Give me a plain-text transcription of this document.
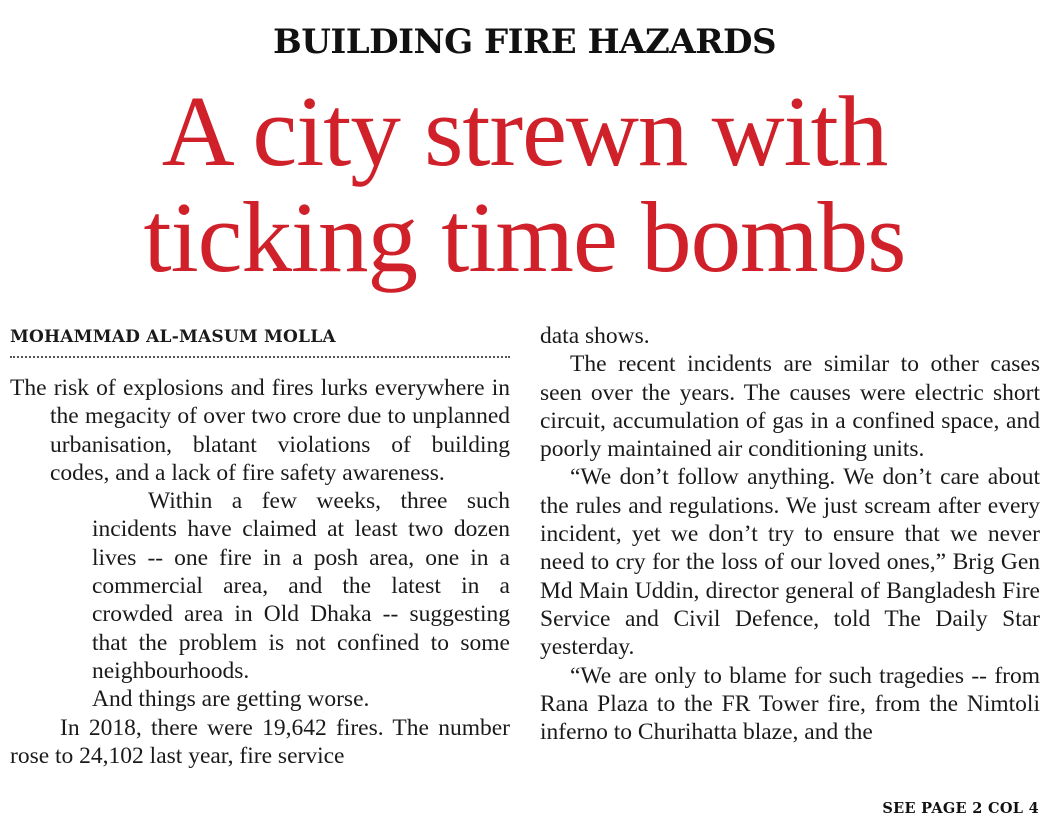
BUILDING FIRE HAZARDS
A city strewn with
ticking time bombs
MOHAMMAD AL-MASUM MOLLA

The risk of explosions and fires lurks everywhere in the megacity of over two crore due to unplanned urbanisation, blatant violations of building codes, and a lack of fire safety awareness.

Within a few weeks, three such incidents have claimed at least two dozen lives -- one fire in a posh area, one in a commercial area, and the latest in a crowded area in Old Dhaka -- suggesting that the problem is not confined to some neighbourhoods.

And things are getting worse.

In 2018, there were 19,642 fires. The number rose to 24,102 last year, fire service

data shows.

The recent incidents are similar to other cases seen over the years. The causes were electric short circuit, accumulation of gas in a confined space, and poorly maintained air conditioning units.

“We don’t follow anything. We don’t care about the rules and regulations. We just scream after every incident, yet we don’t try to ensure that we never need to cry for the loss of our loved ones,” Brig Gen Md Main Uddin, director general of Bangladesh Fire Service and Civil Defence, told The Daily Star yesterday.

“We are only to blame for such tragedies -- from Rana Plaza to the FR Tower fire, from the Nimtoli inferno to Churihatta blaze, and the

SEE PAGE 2 COL 4
